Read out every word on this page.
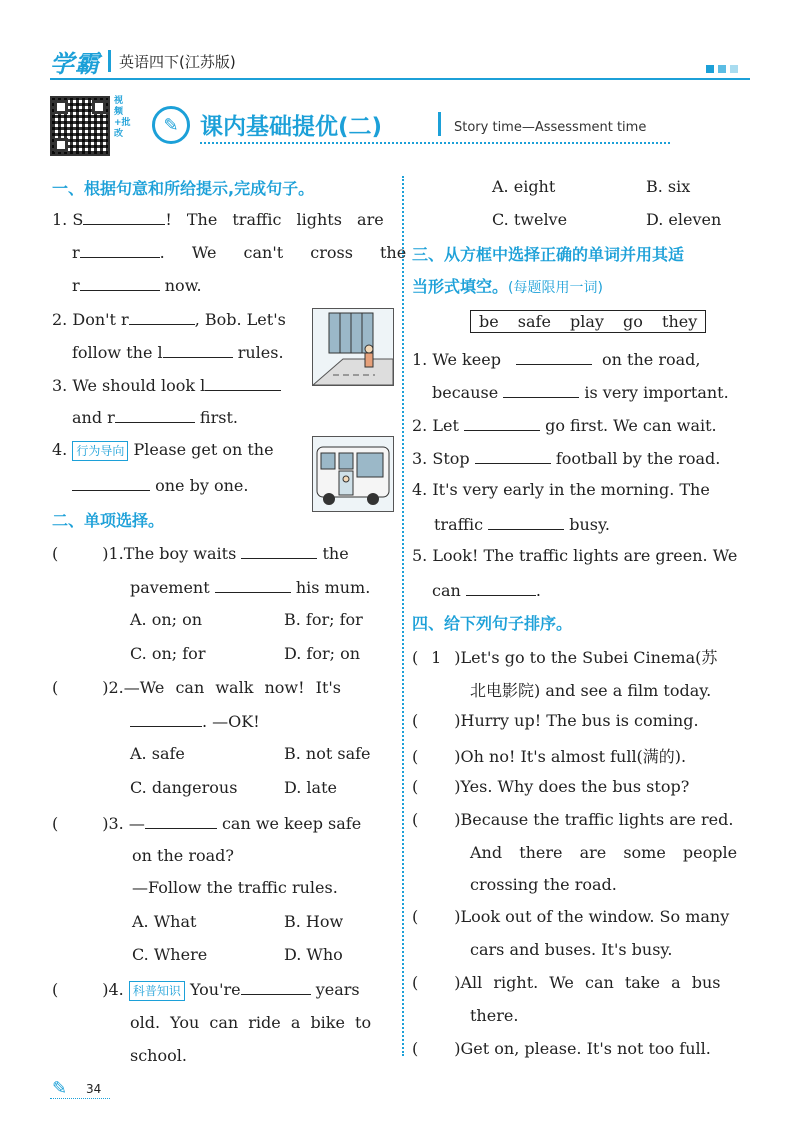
学霸 英语四下(江苏版)
视频+批改	✎ 课内基础提优(二)	Story time—Assessment time
一、根据句意和所给提示,完成句子。
1. S	! The traffic lights are
r	. We can't cross the
r	now.
2. Don't r	, Bob. Let's
follow the l	rules.
3. We should look l
and r	first.
4. 行为导向 Please get on the
one by one.
二、单项选择。
(	)1.The boy waits	the
pavement	his mum.
A. on; on	B. for; for
C. on; for	D. for; on
(	)2.—We can walk now! It's
. —OK!
A. safe	B. not safe
C. dangerous	D. late
(	)3. —	can we keep safe
on the road?
—Follow the traffic rules.
A. What	B. How
C. Where	D. Who
(	)4. 科普知识 You're	years
old. You can ride a bike to
school.
A. eight	B. six
C. twelve	D. eleven
三、从方框中选择正确的单词并用其适
当形式填空。(每题限用一词)
be safe play go they
1. We keep	on the road,
because	is very important.
2. Let	go first. We can wait.
3. Stop	football by the road.
4. It's very early in the morning. The
traffic	busy.
5. Look! The traffic lights are green. We
can	.
四、给下列句子排序。
( 1 )Let's go to the Subei Cinema(苏
北电影院) and see a film today.
( )Hurry up! The bus is coming.
( )Oh no! It's almost full(满的).
( )Yes. Why does the bus stop?
( )Because the traffic lights are red.
And there are some people
crossing the road.
( )Look out of the window. So many
cars and buses. It's busy.
( )All right. We can take a bus
there.
( )Get on, please. It's not too full.
✎ 34
